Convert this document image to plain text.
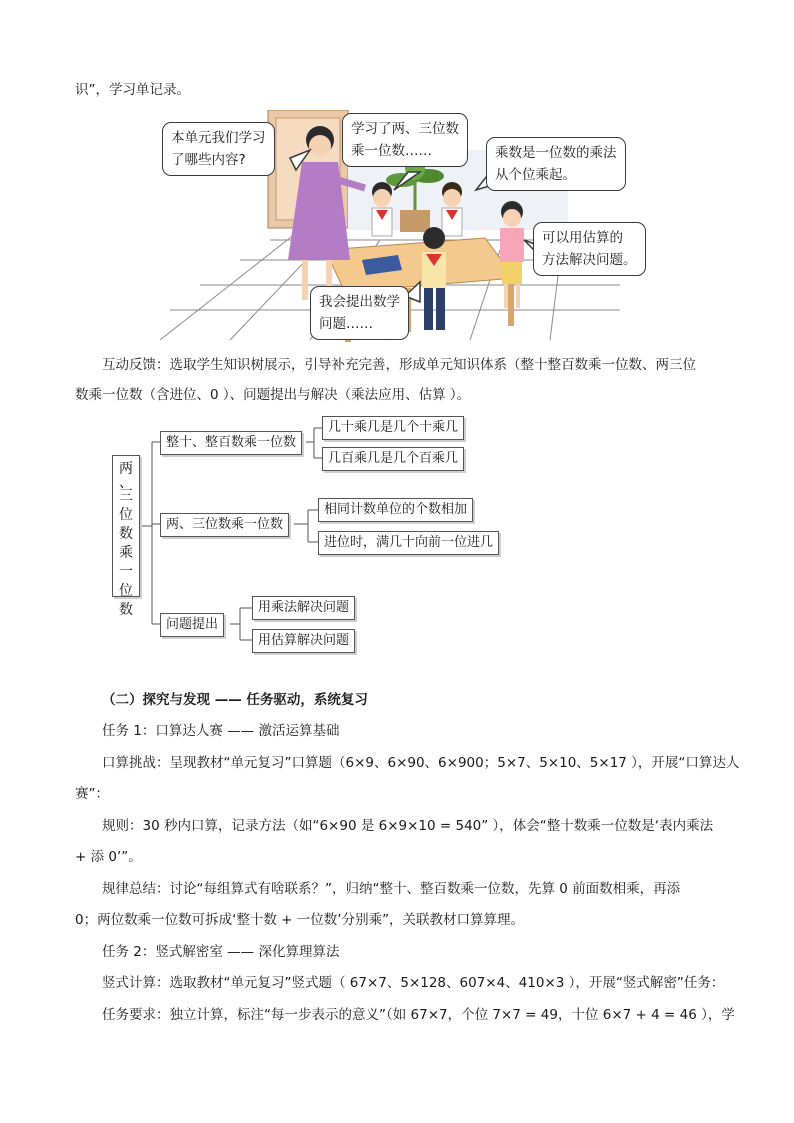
识”，学习单记录。
本单元我们学习
了哪些内容?
学习了两、三位数
乘一位数……	乘数是一位数的乘法
从个位乘起。
可以用估算的
方法解决问题。
我会提出数学
问题……
互动反馈：选取学生知识树展示，引导补充完善，形成单元知识体系（整十整百数乘一位数、两三位
数乘一位数（含进位、0 ）、问题提出与解决（乘法应用、估算 ）。
两
、
三
位
数
乘
一
位
数
整十、整百数乘一位数
几十乘几是几个十乘几
几百乘几是几个百乘几
两、三位数乘一位数
相同计数单位的个数相加
进位时，满几十向前一位进几
问题提出
用乘法解决问题
用估算解决问题
（二）探究与发现 —— 任务驱动，系统复习
任务 1：口算达人赛 —— 激活运算基础
口算挑战：呈现教材“单元复习”口算题（6×9、6×90、6×900；5×7、5×10、5×17 ），开展“口算达人
赛”：
规则：30 秒内口算，记录方法（如“6×90 是 6×9×10 = 540” ），体会“整十数乘一位数是‘表内乘法
+ 添 0’”。
规律总结：讨论“每组算式有啥联系？”，归纳“整十、整百数乘一位数，先算 0 前面数相乘，再添
0；两位数乘一位数可拆成‘整十数 + 一位数’分别乘”，关联教材口算算理。
任务 2：竖式解密室 —— 深化算理算法
竖式计算：选取教材“单元复习”竖式题（ 67×7、5×128、607×4、410×3 ），开展“竖式解密”任务：
任务要求：独立计算，标注“每一步表示的意义”（如 67×7，个位 7×7 = 49，十位 6×7 + 4 = 46 ），学
